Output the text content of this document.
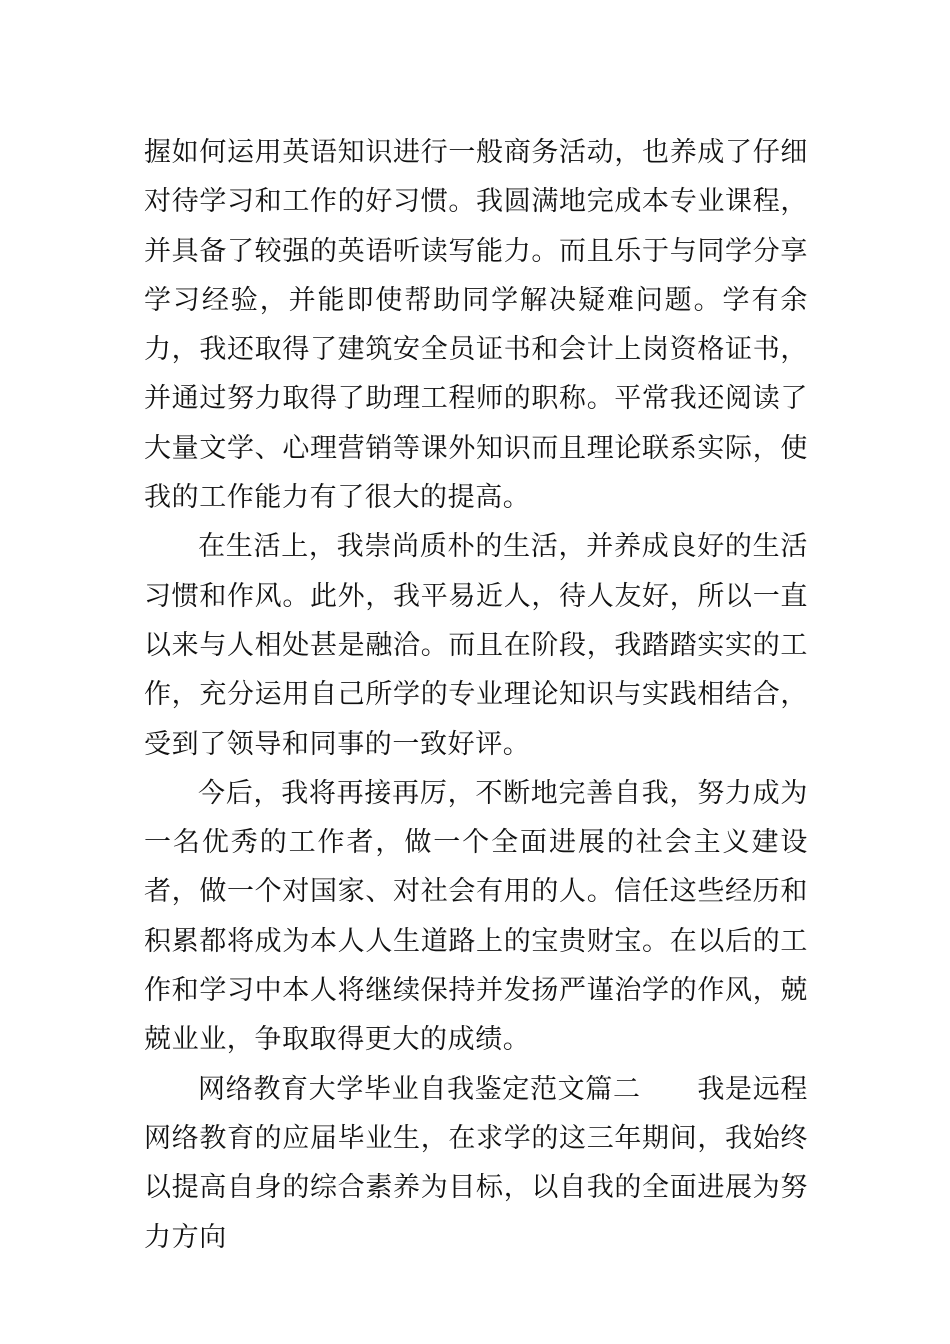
握如何运用英语知识进行一般商务活动，也养成了仔细对待学习和工作的好习惯。我圆满地完成本专业课程，并具备了较强的英语听读写能力。而且乐于与同学分享学习经验，并能即使帮助同学解决疑难问题。学有余力，我还取得了建筑安全员证书和会计上岗资格证书，并通过努力取得了助理工程师的职称。平常我还阅读了大量文学、心理营销等课外知识而且理论联系实际，使我的工作能力有了很大的提高。

在生活上，我崇尚质朴的生活，并养成良好的生活习惯和作风。此外，我平易近人，待人友好，所以一直以来与人相处甚是融洽。而且在阶段，我踏踏实实的工作，充分运用自己所学的专业理论知识与实践相结合，受到了领导和同事的一致好评。

今后，我将再接再厉，不断地完善自我，努力成为一名优秀的工作者，做一个全面进展的社会主义建设者，做一个对国家、对社会有用的人。信任这些经历和积累都将成为本人人生道路上的宝贵财宝。在以后的工作和学习中本人将继续保持并发扬严谨治学的作风，兢兢业业，争取取得更大的成绩。

网络教育大学毕业自我鉴定范文篇二 我是远程网络教育的应届毕业生，在求学的这三年期间，我始终以提高自身的综合素养为目标，以自我的全面进展为努力方向
